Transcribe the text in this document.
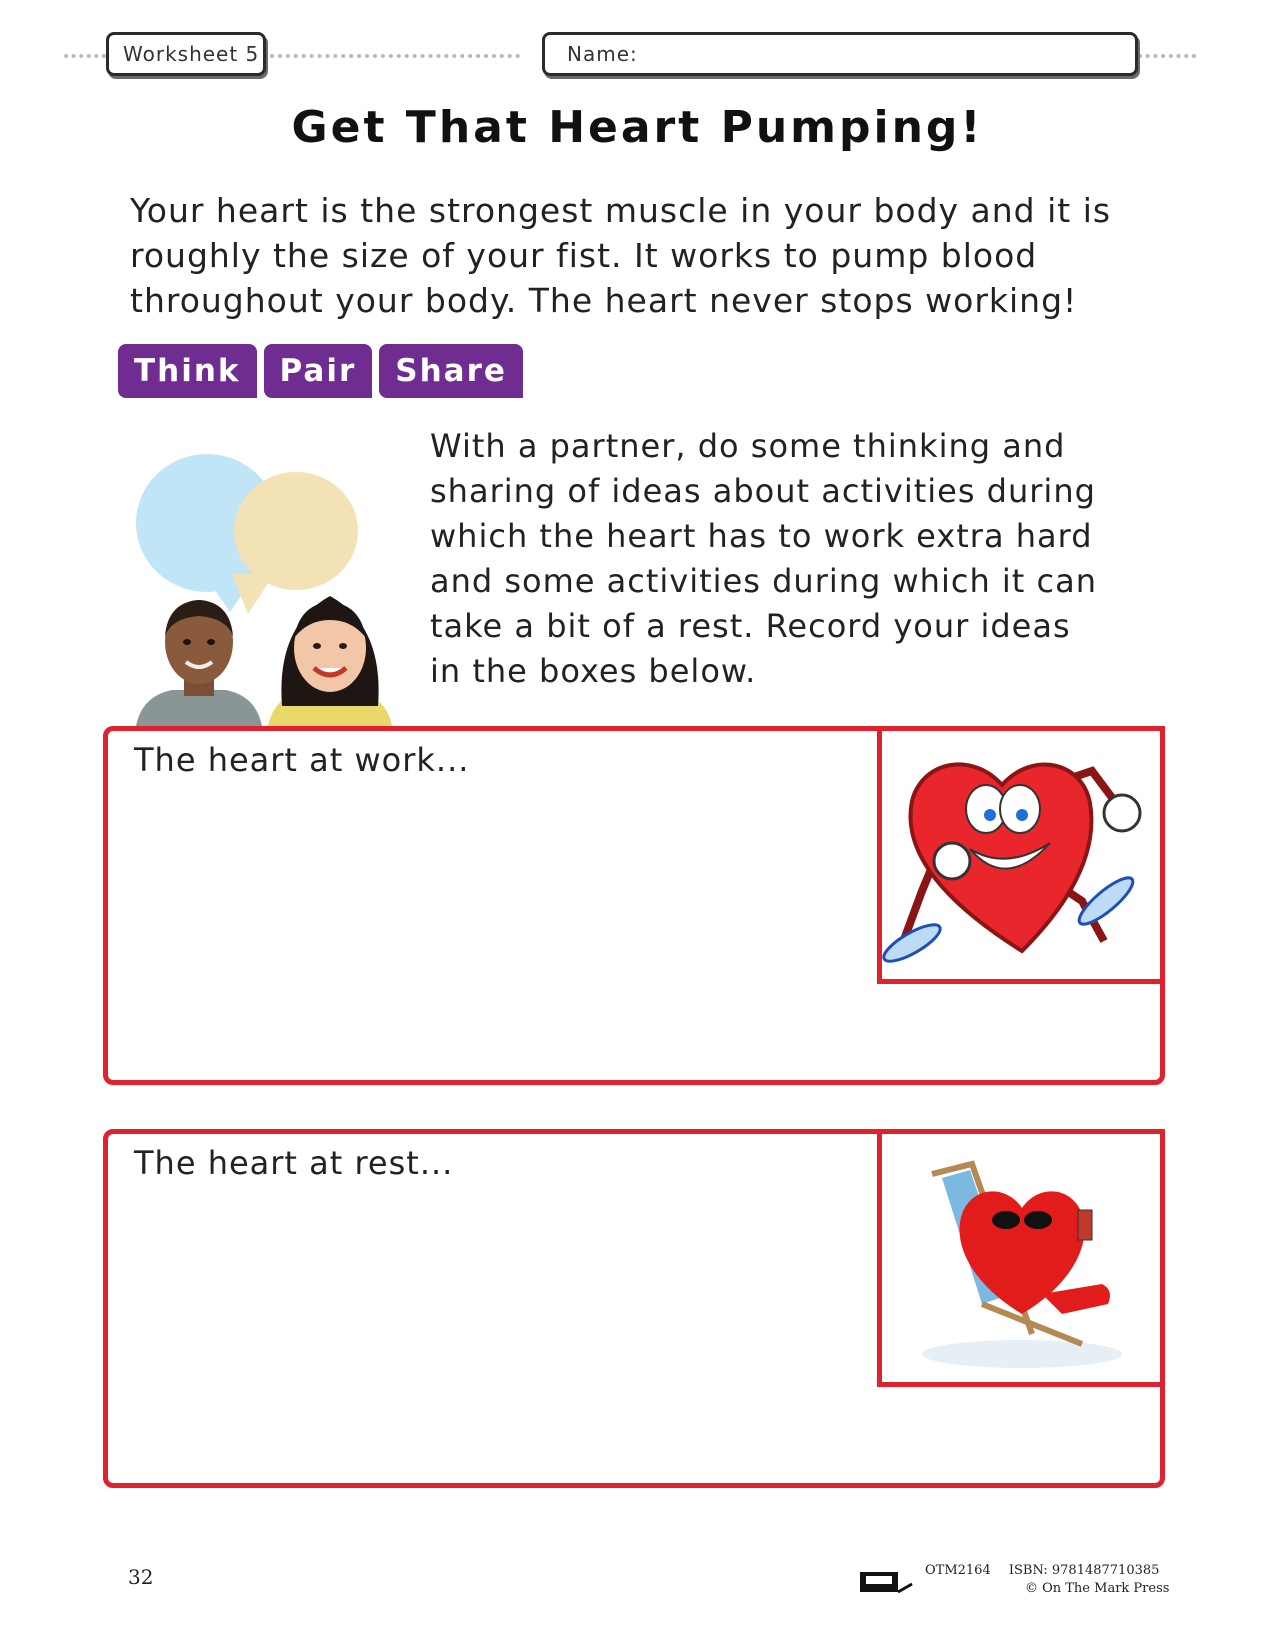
Worksheet 5	Name:
Get That Heart Pumping!

Your heart is the strongest muscle in your body and it is roughly the size of your fist. It works to pump blood throughout your body. The heart never stops working!

Think	Pair	Share

With a partner, do some thinking and sharing of ideas about activities during which the heart has to work extra hard and some activities during which it can take a bit of a rest. Record your ideas in the boxes below.

The heart at work...
The heart at rest...
32	OTM2164 ISBN: 9781487710385
© On The Mark Press
